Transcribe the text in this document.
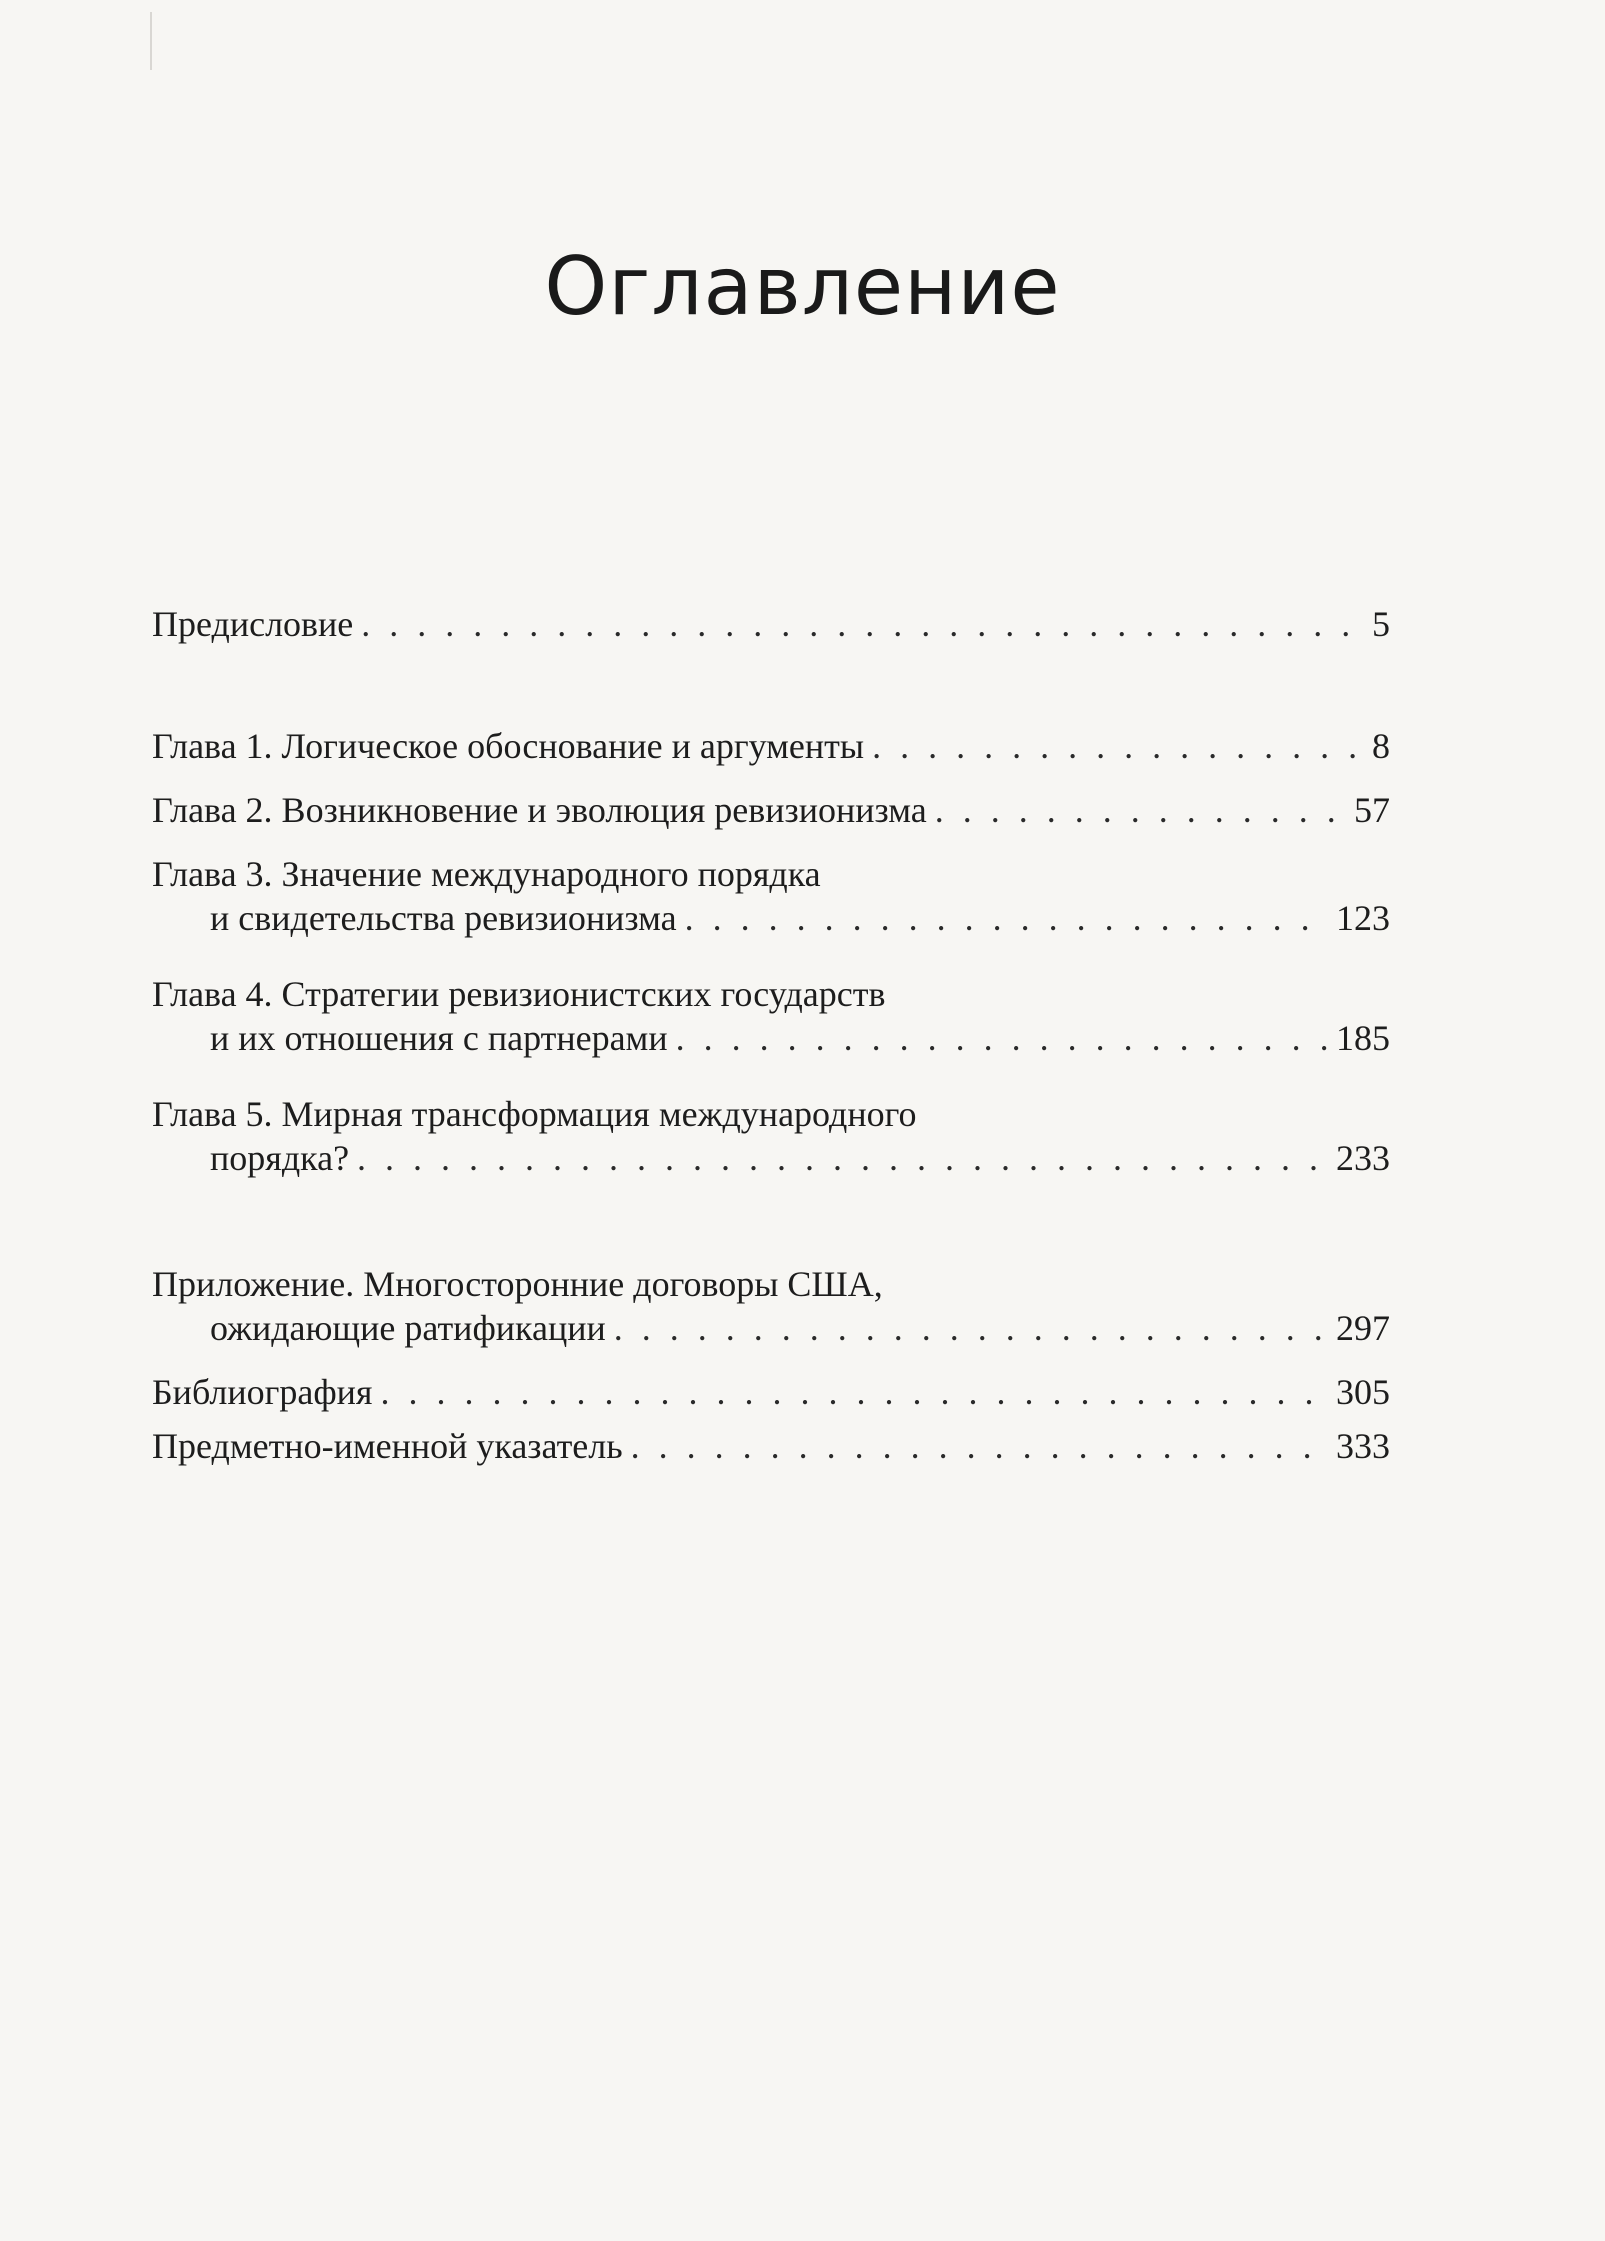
Оглавление
Предисловие . . .	5
Глава 1. Логическое обоснование и аргументы . . .	8
Глава 2. Возникновение и эволюция ревизионизма . . .	57
Глава 3. Значение международного порядка
и свидетельства ревизионизма . . .	123
Глава 4. Стратегии ревизионистских государств
и их отношения с партнерами . . .	185
Глава 5. Мирная трансформация международного
порядка? . . .	233
Приложение. Многосторонние договоры США,
ожидающие ратификации . . .	297
Библиография . . .	305
Предметно-именной указатель . . .	333
